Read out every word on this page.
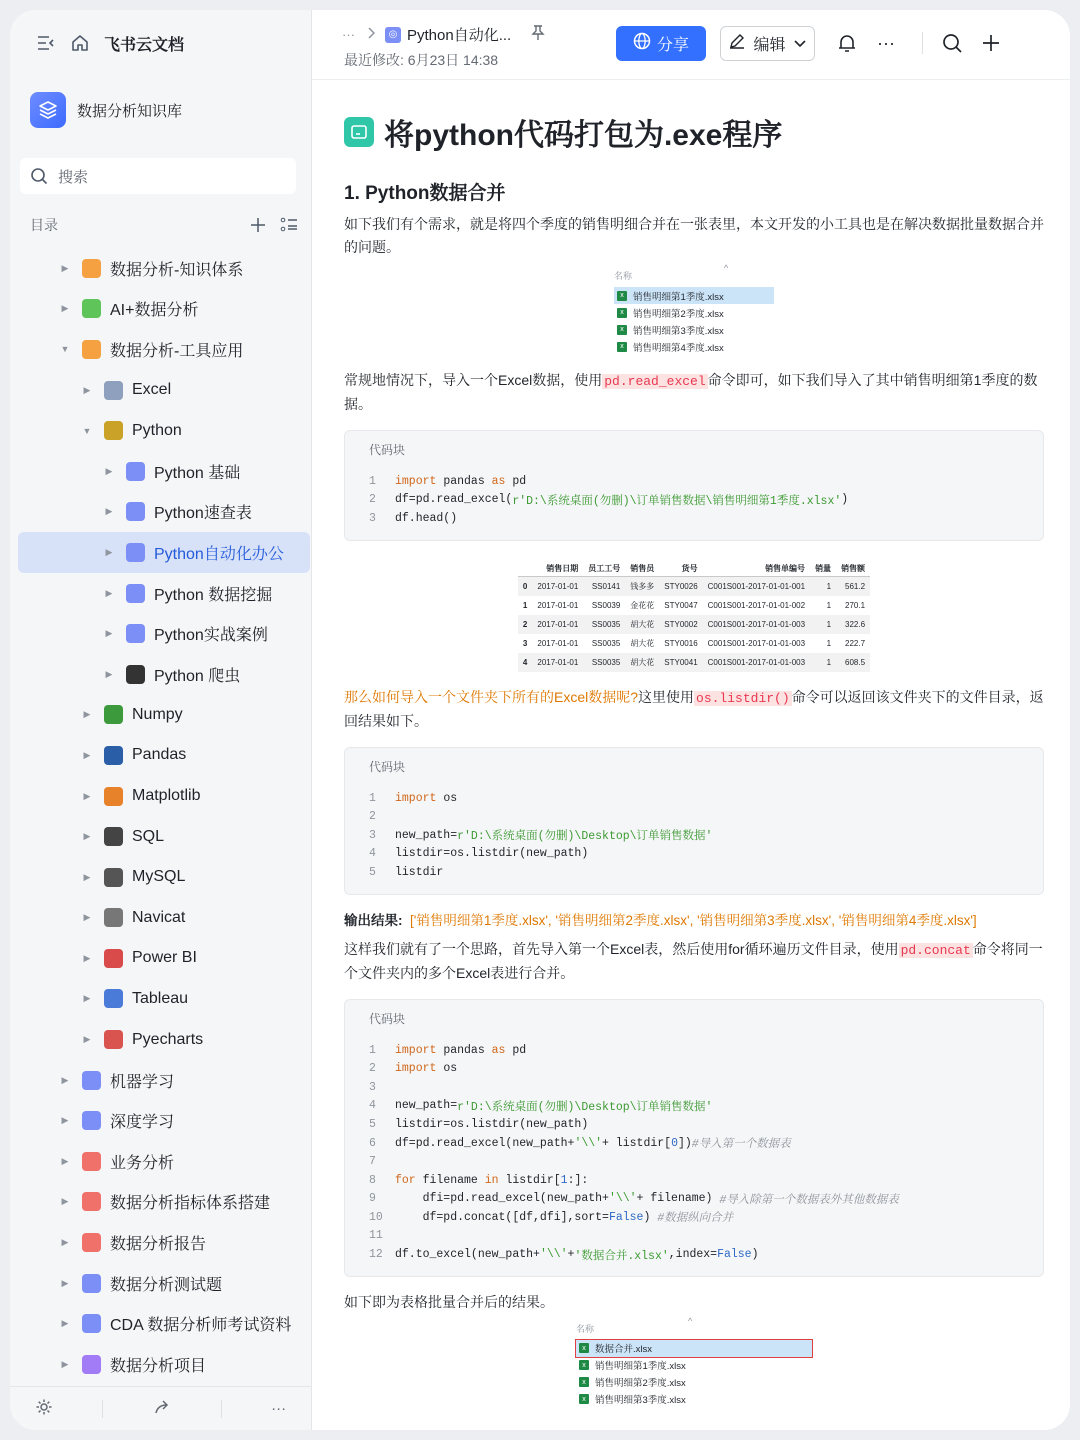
飞书云文档
数据分析知识库
搜索
目录
▶	数据分析-知识体系
▶	AI+数据分析
▼	数据分析-工具应用
▶	Excel
▼	Python
▶	Python 基础
▶	Python速查表
▶	Python自动化办公
▶	Python 数据挖掘
▶	Python实战案例
▶	Python 爬虫
▶	Numpy
▶	Pandas
▶	Matplotlib
▶	SQL
▶	MySQL
▶	Navicat
▶	Power BI
▶	Tableau
▶	Pyecharts
▶	机器学习
▶	深度学习
▶	业务分析
▶	数据分析指标体系搭建
▶	数据分析报告
▶	数据分析测试题
▶	CDA 数据分析师考试资料
▶	数据分析项目
···
···	◎ Python自动化...
最近修改: 6月23日 14:38
分享	编辑	···
将python代码打包为.exe程序
1. Python数据合并
如下我们有个需求，就是将四个季度的销售明细合并在一张表里，本文开发的小工具也是在解决数据批量数据合并的问题。
名称
^
x 销售明细第1季度.xlsx
x 销售明细第2季度.xlsx
x 销售明细第3季度.xlsx
x 销售明细第4季度.xlsx
常规地情况下，导入一个Excel数据，使用 pd.read_excel 命令即可，如下我们导入了其中销售明细第1季度的数据。
代码块
1	import pandas as pd
2	df=pd.read_excel( r'D:\系统桌面(勿删)\订单销售数据\销售明细第1季度.xlsx' )
3	df.head()
	销售日期	员工工号	销售员	货号	销售单编号	销量	销售额
0	2017-01-01	SS0141	钱多多	STY0026	C001S001-2017-01-01-001	1	561.2
1	2017-01-01	SS0039	金花花	STY0047	C001S001-2017-01-01-002	1	270.1
2	2017-01-01	SS0035	胡大花	STY0002	C001S001-2017-01-01-003	1	322.6
3	2017-01-01	SS0035	胡大花	STY0016	C001S001-2017-01-01-003	1	222.7
4	2017-01-01	SS0035	胡大花	STY0041	C001S001-2017-01-01-003	1	608.5
那么如何导入一个文件夹下所有的Excel数据呢?这里使用 os.listdir() 命令可以返回该文件夹下的文件目录，返回结果如下。
代码块
1	import os
2
3	new_path= r'D:\系统桌面(勿删)\Desktop\订单销售数据'
4	listdir=os.listdir(new_path)
5	listdir
输出结果: ['销售明细第1季度.xlsx', '销售明细第2季度.xlsx', '销售明细第3季度.xlsx', '销售明细第4季度.xlsx']
这样我们就有了一个思路，首先导入第一个Excel表，然后使用for循环遍历文件目录，使用 pd.concat 命令将同一个文件夹内的多个Excel表进行合并。
代码块
1	import pandas as pd
2	import os
3
4	new_path= r'D:\系统桌面(勿删)\Desktop\订单销售数据'
5	listdir=os.listdir(new_path)
6	df=pd.read_excel(new_path+ '\\' + listdir[ 0 ]) #导入第一个数据表
7
8	for filename in listdir[ 1 :]:
9	dfi=pd.read_excel(new_path+ '\\' + filename) #导入除第一个数据表外其他数据表
10	df=pd.concat([df,dfi],sort= False ) #数据纵向合并
11
12	df.to_excel(new_path+ '\\' + '数据合并.xlsx' ,index= False )
如下即为表格批量合并后的结果。
名称
^
x 数据合并.xlsx
x 销售明细第1季度.xlsx
x 销售明细第2季度.xlsx
x 销售明细第3季度.xlsx
